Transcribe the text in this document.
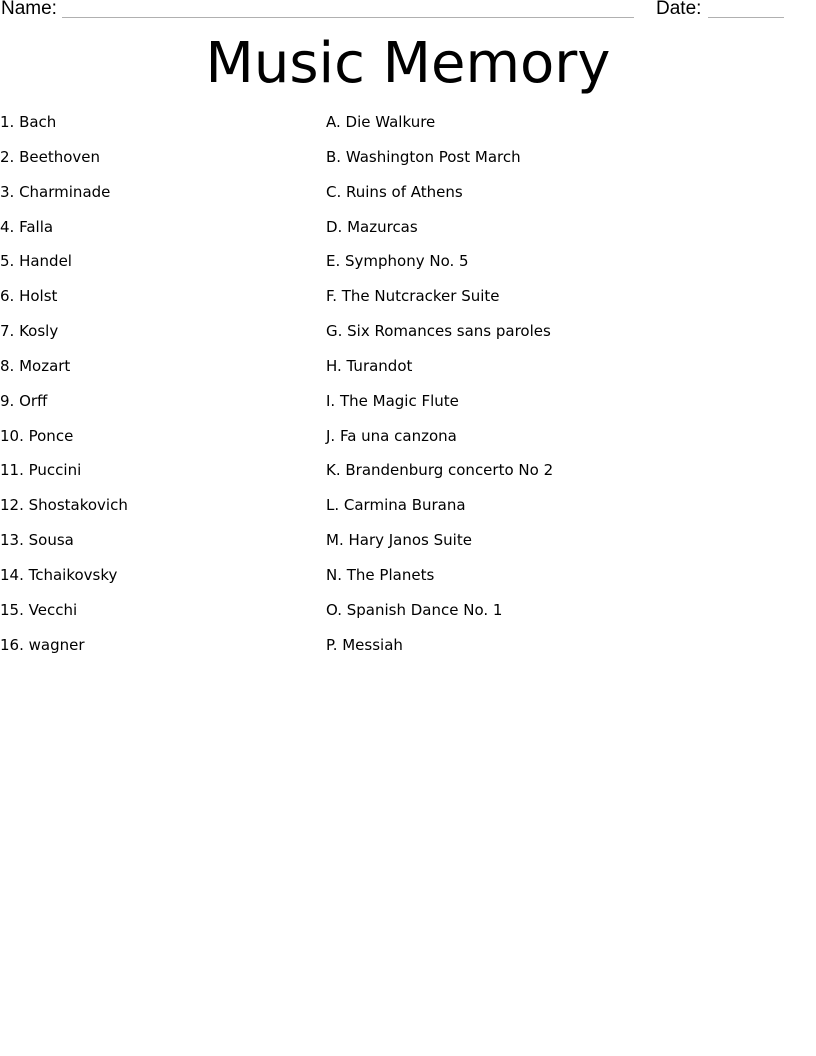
Name:	Date:
Music Memory
1. Bach
2. Beethoven
3. Charminade
4. Falla
5. Handel
6. Holst
7. Kosly
8. Mozart
9. Orff
10. Ponce
11. Puccini
12. Shostakovich
13. Sousa
14. Tchaikovsky
15. Vecchi
16. wagner
A. Die Walkure
B. Washington Post March
C. Ruins of Athens
D. Mazurcas
E. Symphony No. 5
F. The Nutcracker Suite
G. Six Romances sans paroles
H. Turandot
I. The Magic Flute
J. Fa una canzona
K. Brandenburg concerto No 2
L. Carmina Burana
M. Hary Janos Suite
N. The Planets
O. Spanish Dance No. 1
P. Messiah
